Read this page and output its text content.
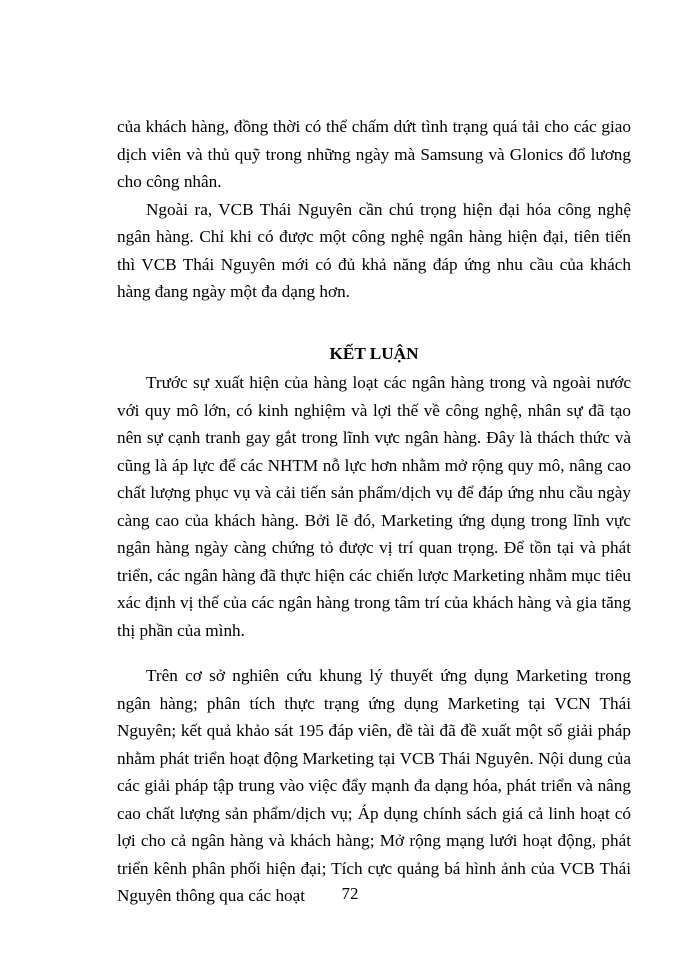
của khách hàng, đồng thời có thể chấm dứt tình trạng quá tải cho các giao dịch viên và thủ quỹ trong những ngày mà Samsung và Glonics đổ lương cho công nhân.

Ngoài ra, VCB Thái Nguyên cần chú trọng hiện đại hóa công nghệ ngân hàng. Chỉ khi có được một công nghệ ngân hàng hiện đại, tiên tiến thì VCB Thái Nguyên mới có đủ khả năng đáp ứng nhu cầu của khách hàng đang ngày một đa dạng hơn.

KẾT LUẬN

Trước sự xuất hiện của hàng loạt các ngân hàng trong và ngoài nước với quy mô lớn, có kinh nghiệm và lợi thế về công nghệ, nhân sự đã tạo nên sự cạnh tranh gay gắt trong lĩnh vực ngân hàng. Đây là thách thức và cũng là áp lực để các NHTM nỗ lực hơn nhằm mở rộng quy mô, nâng cao chất lượng phục vụ và cải tiến sản phẩm/dịch vụ để đáp ứng nhu cầu ngày càng cao của khách hàng. Bởi lẽ đó, Marketing ứng dụng trong lĩnh vực ngân hàng ngày càng chứng tỏ được vị trí quan trọng. Để tồn tại và phát triển, các ngân hàng đã thực hiện các chiến lược Marketing nhằm mục tiêu xác định vị thế của các ngân hàng trong tâm trí của khách hàng và gia tăng thị phần của mình.

Trên cơ sở nghiên cứu khung lý thuyết ứng dụng Marketing trong ngân hàng; phân tích thực trạng ứng dụng Marketing tại VCN Thái Nguyên; kết quả khảo sát 195 đáp viên, đề tài đã đề xuất một số giải pháp nhằm phát triển hoạt động Marketing tại VCB Thái Nguyên. Nội dung của các giải pháp tập trung vào việc đẩy mạnh đa dạng hóa, phát triển và nâng cao chất lượng sản phẩm/dịch vụ; Áp dụng chính sách giá cả linh hoạt có lợi cho cả ngân hàng và khách hàng; Mở rộng mạng lưới hoạt động, phát triển kênh phân phối hiện đại; Tích cực quảng bá hình ảnh của VCB Thái Nguyên thông qua các hoạt	72
